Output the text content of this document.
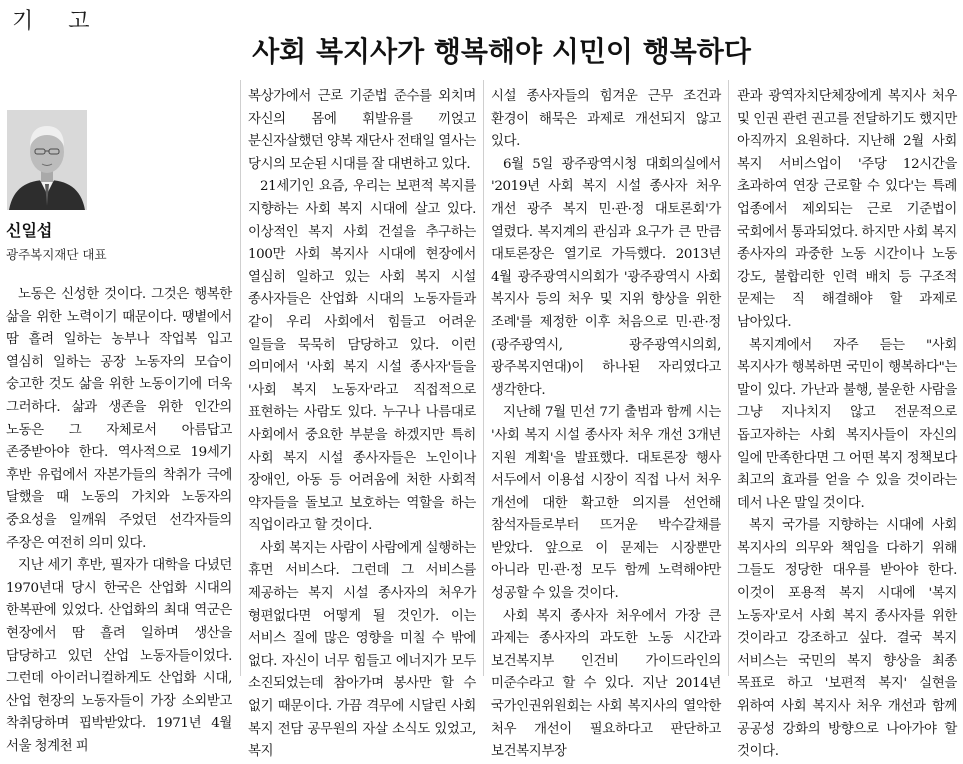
기 고
사회 복지사가 행복해야 시민이 행복하다
신일섭
광주복지재단 대표

노동은 신성한 것이다. 그것은 행복한 삶을 위한 노력이기 때문이다. 땡볕에서 땀 흘려 일하는 농부나 작업복 입고 열심히 일하는 공장 노동자의 모습이 숭고한 것도 삶을 위한 노동이기에 더욱 그러하다. 삶과 생존을 위한 인간의 노동은 그 자체로서 아름답고 존중받아야 한다. 역사적으로 19세기 후반 유럽에서 자본가들의 착취가 극에 달했을 때 노동의 가치와 노동자의 중요성을 일깨워 주었던 선각자들의 주장은 여전히 의미 있다.

지난 세기 후반, 필자가 대학을 다녔던 1970년대 당시 한국은 산업화 시대의 한복판에 있었다. 산업화의 최대 역군은 현장에서 땀 흘려 일하며 생산을 담당하고 있던 산업 노동자들이었다. 그런데 아이러니컬하게도 산업화 시대, 산업 현장의 노동자들이 가장 소외받고 착취당하며 핍박받았다. 1971년 4월 서울 청계천 피

복상가에서 근로 기준법 준수를 외치며 자신의 몸에 휘발유를 끼얹고 분신자살했던 양복 재단사 전태일 열사는 당시의 모순된 시대를 잘 대변하고 있다.

21세기인 요즘, 우리는 보편적 복지를 지향하는 사회 복지 시대에 살고 있다. 이상적인 복지 사회 건설을 추구하는 100만 사회 복지사 시대에 현장에서 열심히 일하고 있는 사회 복지 시설 종사자들은 산업화 시대의 노동자들과 같이 우리 사회에서 힘들고 어려운 일들을 묵묵히 담당하고 있다. 이런 의미에서 '사회 복지 시설 종사자'들을 '사회 복지 노동자'라고 직접적으로 표현하는 사람도 있다. 누구나 나름대로 사회에서 중요한 부분을 하겠지만 특히 사회 복지 시설 종사자들은 노인이나 장애인, 아동 등 어려움에 처한 사회적 약자들을 돌보고 보호하는 역할을 하는 직업이라고 할 것이다.

사회 복지는 사람이 사람에게 실행하는 휴먼 서비스다. 그런데 그 서비스를 제공하는 복지 시설 종사자의 처우가 형편없다면 어떻게 될 것인가. 이는 서비스 질에 많은 영향을 미칠 수 밖에 없다. 자신이 너무 힘들고 에너지가 모두 소진되었는데 참아가며 봉사만 할 수 없기 때문이다. 가끔 격무에 시달린 사회 복지 전담 공무원의 자살 소식도 있었고, 복지

시설 종사자들의 힘겨운 근무 조건과 환경이 해묵은 과제로 개선되지 않고 있다.

6월 5일 광주광역시청 대회의실에서 '2019년 사회 복지 시설 종사자 처우 개선 광주 복지 민·관·정 대토론회'가 열렸다. 복지계의 관심과 요구가 큰 만큼 대토론장은 열기로 가득했다. 2013년 4월 광주광역시의회가 '광주광역시 사회 복지사 등의 처우 및 지위 향상을 위한 조례'를 제정한 이후 처음으로 민·관·정(광주광역시, 광주광역시의회, 광주복지연대)이 하나된 자리였다고 생각한다.

지난해 7월 민선 7기 출범과 함께 시는 '사회 복지 시설 종사자 처우 개선 3개년 지원 계획'을 발표했다. 대토론장 행사 서두에서 이용섭 시장이 직접 나서 처우 개선에 대한 확고한 의지를 선언해 참석자들로부터 뜨거운 박수갈채를 받았다. 앞으로 이 문제는 시장뿐만 아니라 민·관·정 모두 함께 노력해야만 성공할 수 있을 것이다.

사회 복지 종사자 처우에서 가장 큰 과제는 종사자의 과도한 노동 시간과 보건복지부 인건비 가이드라인의 미준수라고 할 수 있다. 지난 2014년 국가인권위원회는 사회 복지사의 열악한 처우 개선이 필요하다고 판단하고 보건복지부장

관과 광역자치단체장에게 복지사 처우 및 인권 관련 권고를 전달하기도 했지만 아직까지 요원하다. 지난해 2월 사회 복지 서비스업이 '주당 12시간을 초과하여 연장 근로할 수 있다'는 특례 업종에서 제외되는 근로 기준법이 국회에서 통과되었다. 하지만 사회 복지 종사자의 과중한 노동 시간이나 노동 강도, 불합리한 인력 배치 등 구조적 문제는 직 해결해야 할 과제로 남아있다.

복지계에서 자주 듣는 "사회 복지사가 행복하면 국민이 행복하다"는 말이 있다. 가난과 불행, 불운한 사람을 그냥 지나치지 않고 전문적으로 돕고자하는 사회 복지사들이 자신의 일에 만족한다면 그 어떤 복지 정책보다 최고의 효과를 얻을 수 있을 것이라는 데서 나온 말일 것이다.

복지 국가를 지향하는 시대에 사회 복지사의 의무와 책임을 다하기 위해 그들도 정당한 대우를 받아야 한다. 이것이 포용적 복지 시대에 '복지 노동자'로서 사회 복지 종사자를 위한 것이라고 강조하고 싶다. 결국 복지 서비스는 국민의 복지 향상을 최종 목표로 하고 '보편적 복지' 실현을 위하여 사회 복지사 처우 개선과 함께 공공성 강화의 방향으로 나아가야 할 것이다.
